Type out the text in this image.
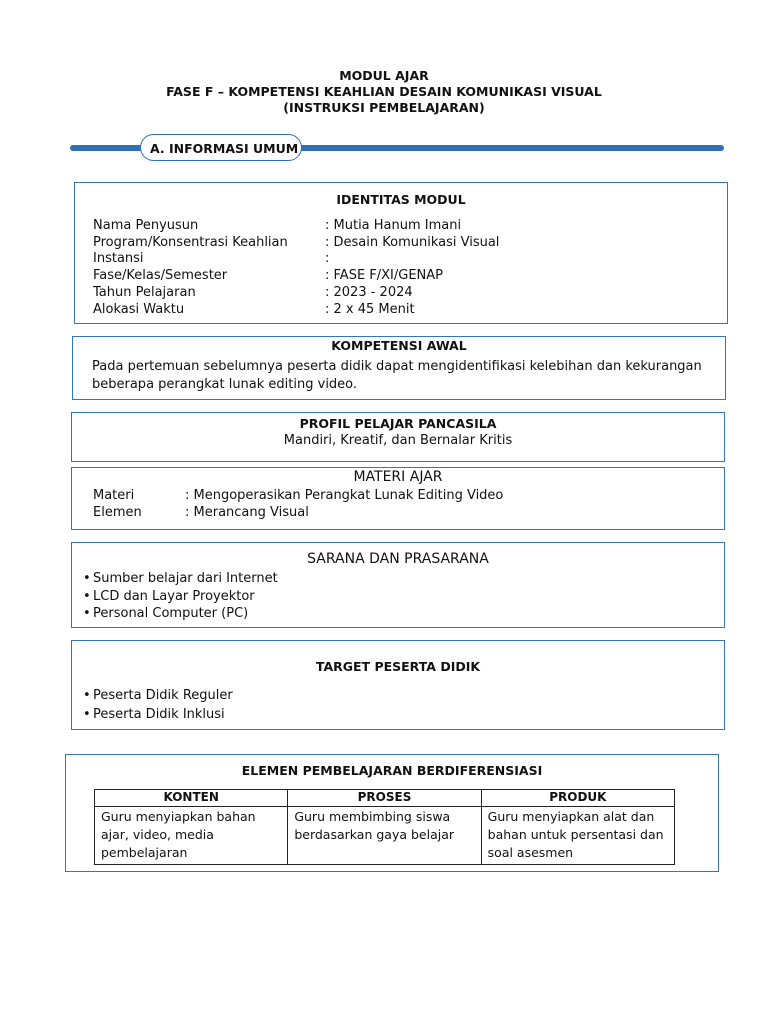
MODUL AJAR
FASE F – KOMPETENSI KEAHLIAN DESAIN KOMUNIKASI VISUAL
(INSTRUKSI PEMBELAJARAN)
A. INFORMASI UMUM
IDENTITAS MODUL
Nama Penyusun	: Mutia Hanum Imani
Program/Konsentrasi Keahlian	: Desain Komunikasi Visual
Instansi	:
Fase/Kelas/Semester	: FASE F/XI/GENAP
Tahun Pelajaran	: 2023 - 2024
Alokasi Waktu	: 2 x 45 Menit
KOMPETENSI AWAL
Pada pertemuan sebelumnya peserta didik dapat mengidentifikasi kelebihan dan kekurangan
beberapa perangkat lunak editing video.
PROFIL PELAJAR PANCASILA
Mandiri, Kreatif, dan Bernalar Kritis
MATERI AJAR
Materi	: Mengoperasikan Perangkat Lunak Editing Video
Elemen	: Merancang Visual
SARANA DAN PRASARANA
• Sumber belajar dari Internet
• LCD dan Layar Proyektor
• Personal Computer (PC)
TARGET PESERTA DIDIK
• Peserta Didik Reguler
• Peserta Didik Inklusi
ELEMEN PEMBELAJARAN BERDIFERENSIASI
KONTEN	PROSES	PRODUK
Guru menyiapkan bahan ajar, video, media pembelajaran	Guru membimbing siswa berdasarkan gaya belajar	Guru menyiapkan alat dan bahan untuk persentasi dan soal asesmen
